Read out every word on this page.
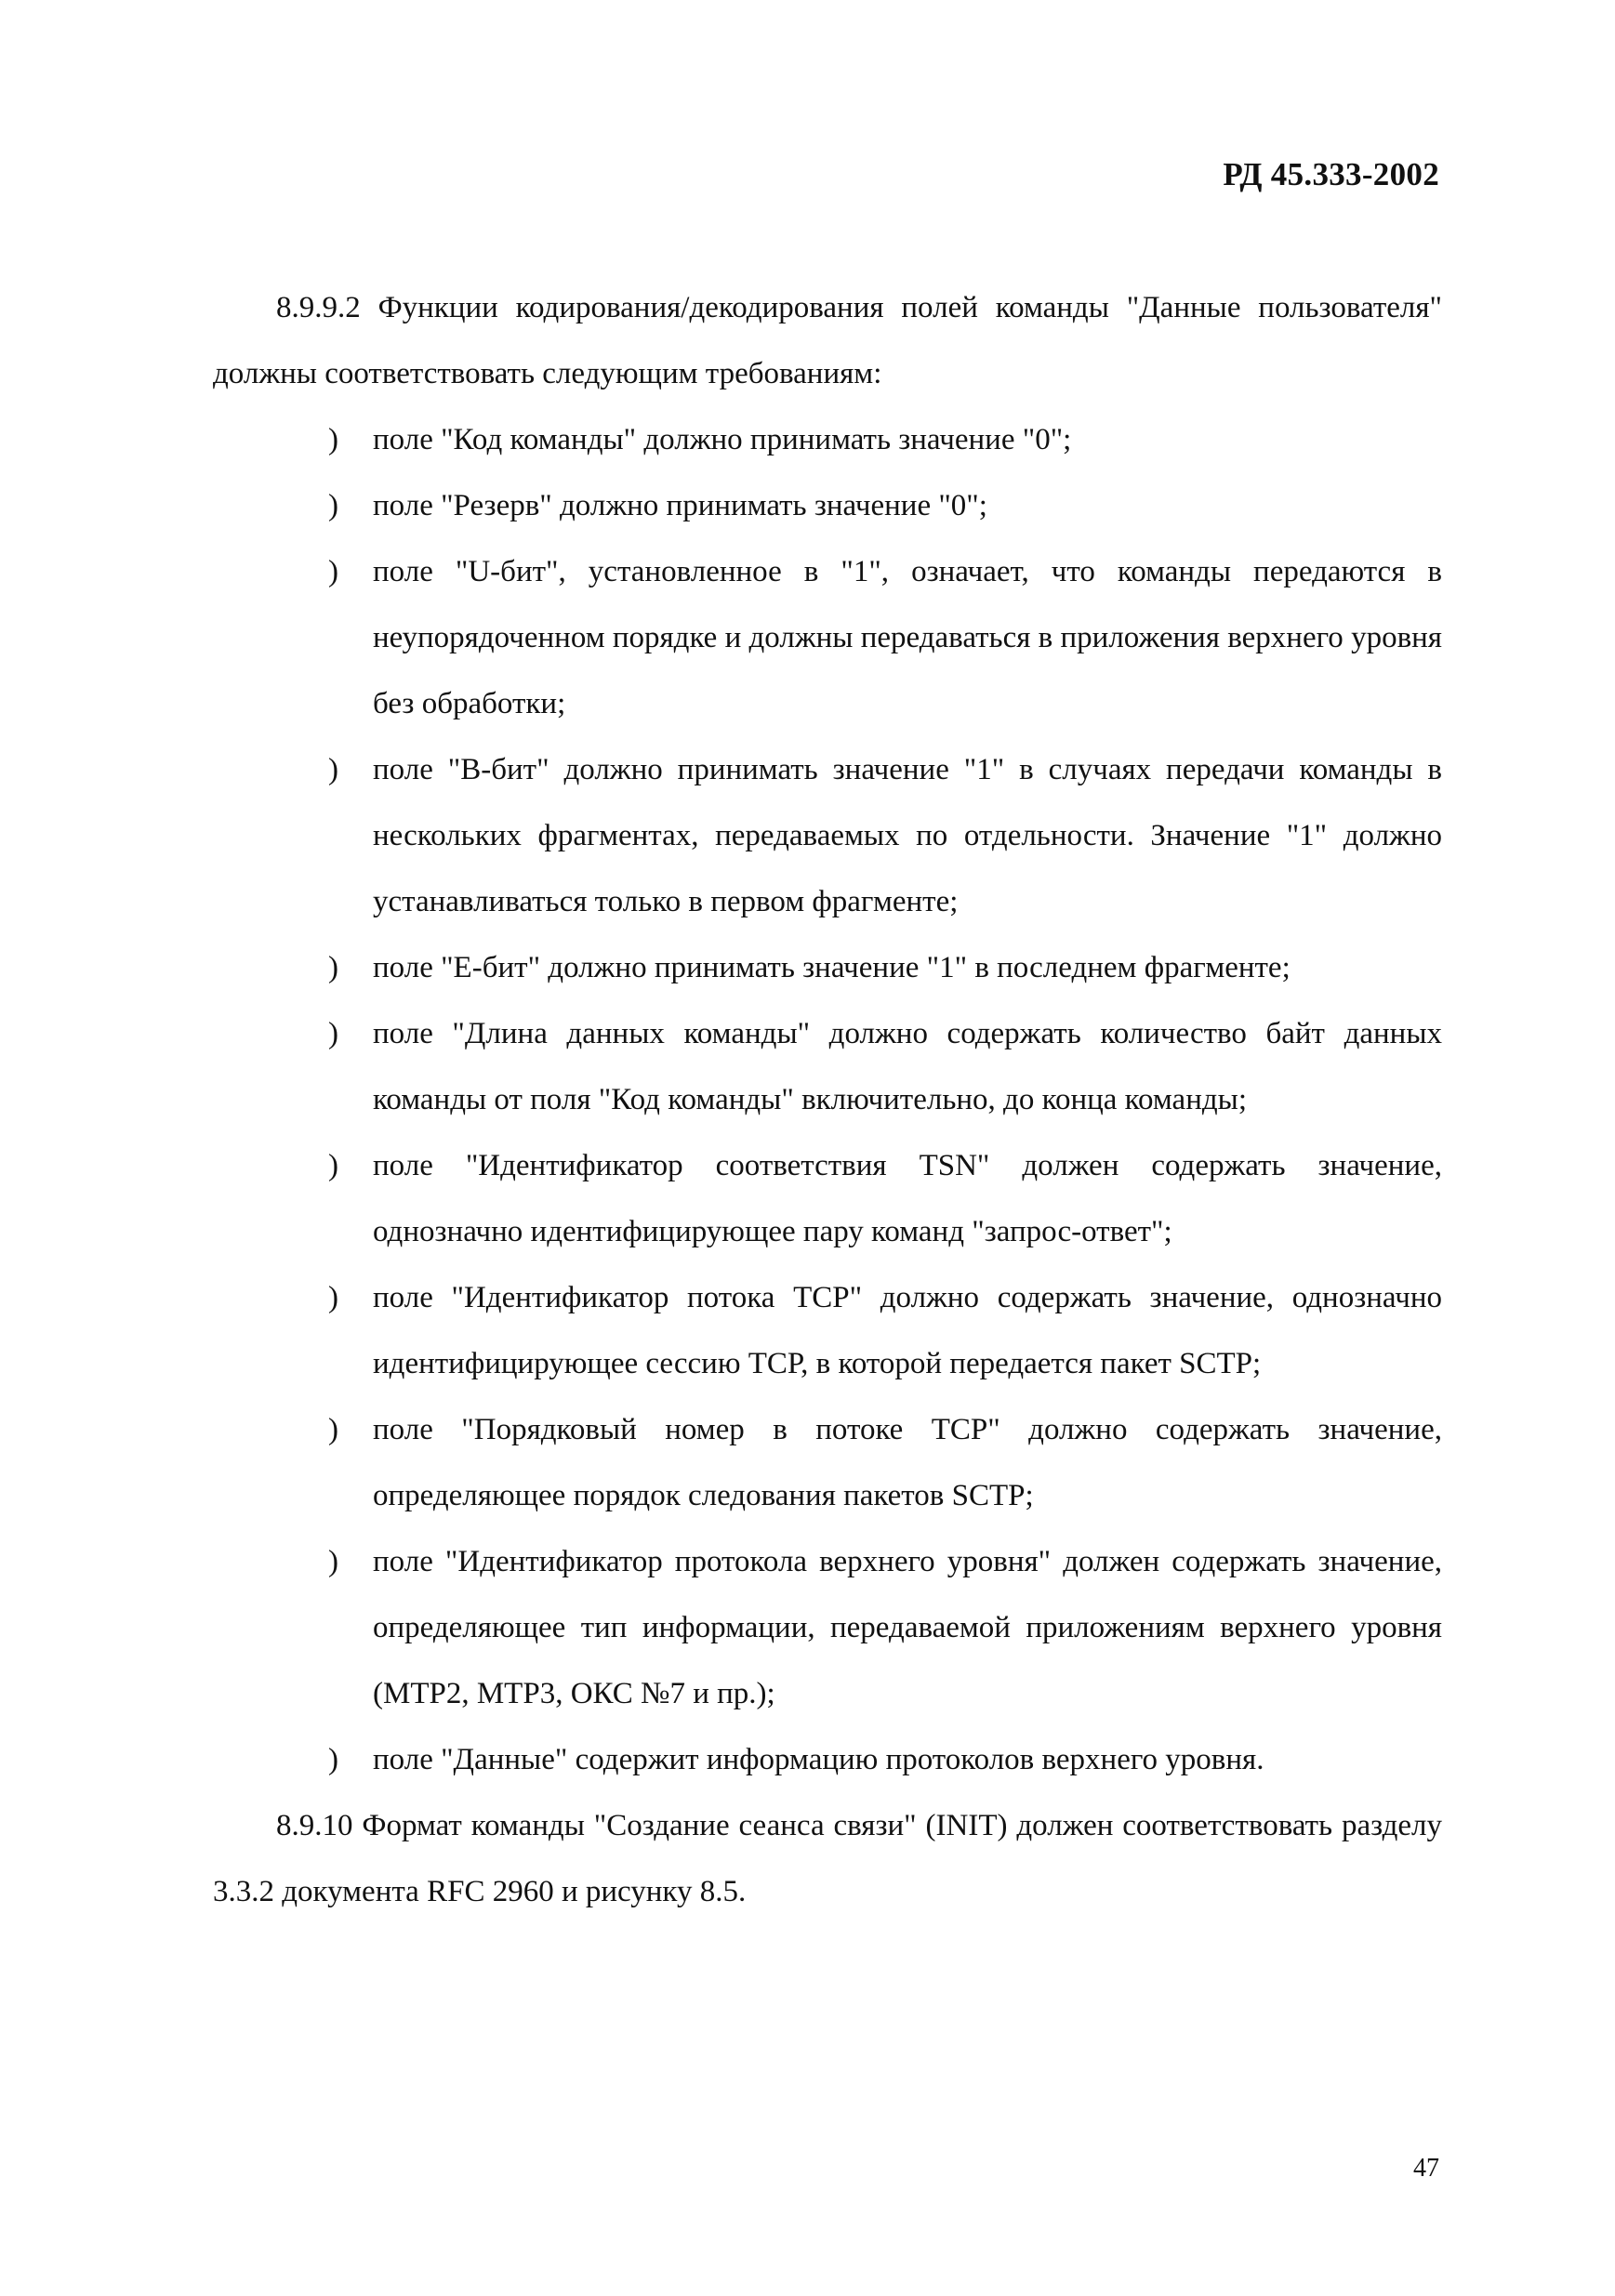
РД 45.333-2002

8.9.9.2 Функции кодирования/декодирования полей команды "Данные пользователя" должны соответствовать следующим требованиям:

) поле "Код команды" должно принимать значение "0";
) поле "Резерв" должно принимать значение "0";
) поле "U-бит", установленное в "1", означает, что команды передаются в неупорядоченном порядке и должны передаваться в приложения верхнего уровня без обработки;
) поле "В-бит" должно принимать значение "1" в случаях передачи команды в нескольких фрагментах, передаваемых по отдельности. Значение "1" должно устанавливаться только в первом фрагменте;
) поле "Е-бит" должно принимать значение "1" в последнем фрагменте;
) поле "Длина данных команды" должно содержать количество байт данных команды от поля "Код команды" включительно, до конца команды;
) поле "Идентификатор соответствия TSN" должен содержать значение, однозначно идентифицирующее пару команд "запрос-ответ";
) поле "Идентификатор потока ТСР" должно содержать значение, однозначно идентифицирующее сессию ТСР, в которой передается пакет SCTP;
) поле "Порядковый номер в потоке ТСР" должно содержать значение, определяющее порядок следования пакетов SCTP;
) поле "Идентификатор протокола верхнего уровня" должен содержать значение, определяющее тип информации, передаваемой приложениям верхнего уровня (МТР2, МТР3, ОКС №7 и пр.);
) поле "Данные" содержит информацию протоколов верхнего уровня.

8.9.10 Формат команды "Создание сеанса связи" (INIT) должен соответствовать разделу 3.3.2 документа RFC 2960 и рисунку 8.5.

47
